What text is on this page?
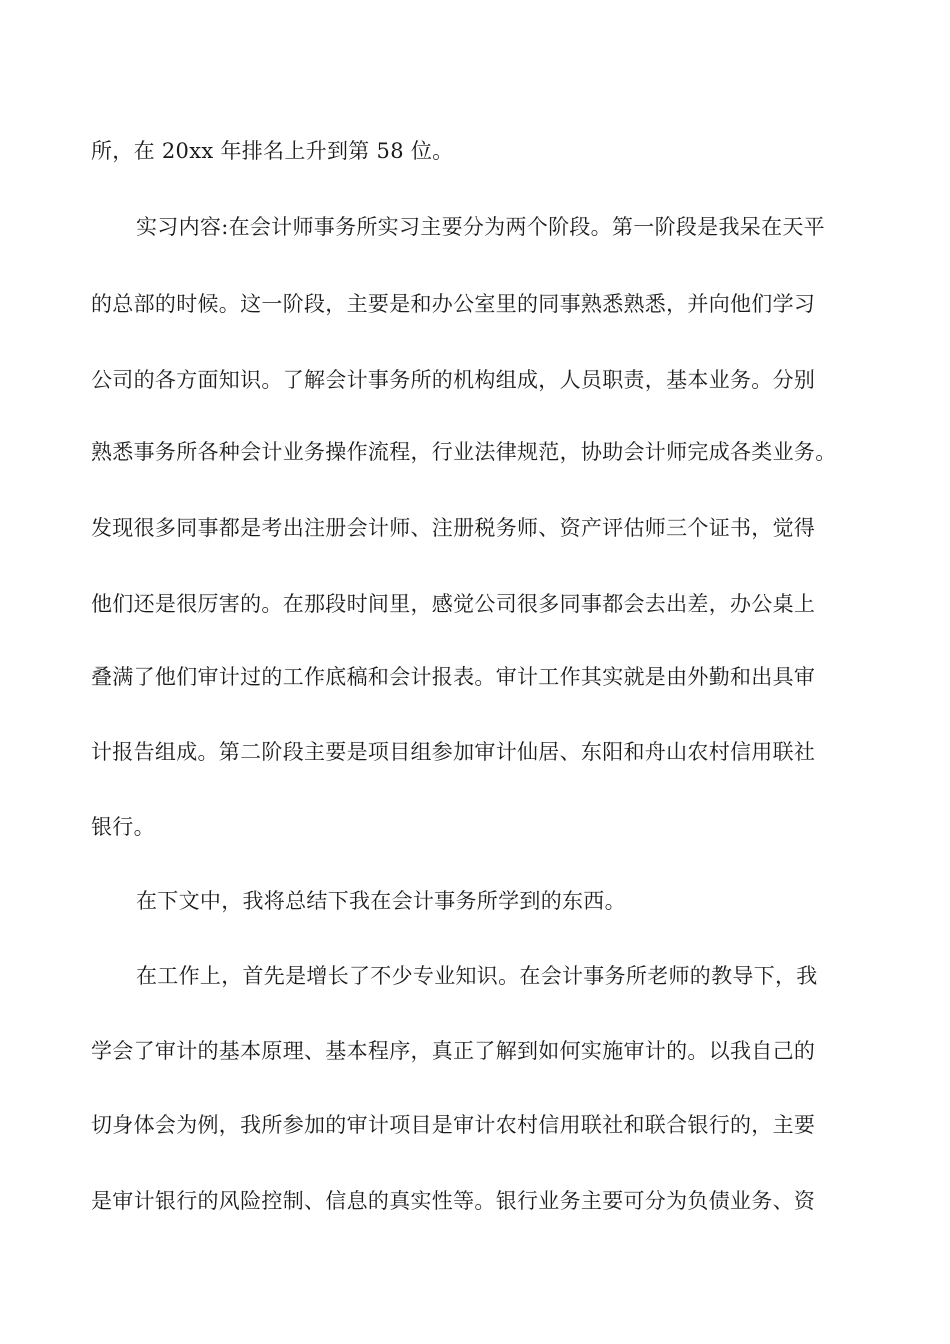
所，在 20xx 年排名上升到第 58 位。
实习内容:在会计师事务所实习主要分为两个阶段。第一阶段是我呆在天平
的总部的时候。这一阶段，主要是和办公室里的同事熟悉熟悉，并向他们学习
公司的各方面知识。了解会计事务所的机构组成，人员职责，基本业务。分别
熟悉事务所各种会计业务操作流程，行业法律规范，协助会计师完成各类业务。
发现很多同事都是考出注册会计师、注册税务师、资产评估师三个证书，觉得
他们还是很厉害的。在那段时间里，感觉公司很多同事都会去出差，办公桌上
叠满了他们审计过的工作底稿和会计报表。审计工作其实就是由外勤和出具审
计报告组成。第二阶段主要是项目组参加审计仙居、东阳和舟山农村信用联社
银行。
在下文中，我将总结下我在会计事务所学到的东西。
在工作上，首先是增长了不少专业知识。在会计事务所老师的教导下，我
学会了审计的基本原理、基本程序，真正了解到如何实施审计的。以我自己的
切身体会为例，我所参加的审计项目是审计农村信用联社和联合银行的，主要
是审计银行的风险控制、信息的真实性等。银行业务主要可分为负债业务、资
